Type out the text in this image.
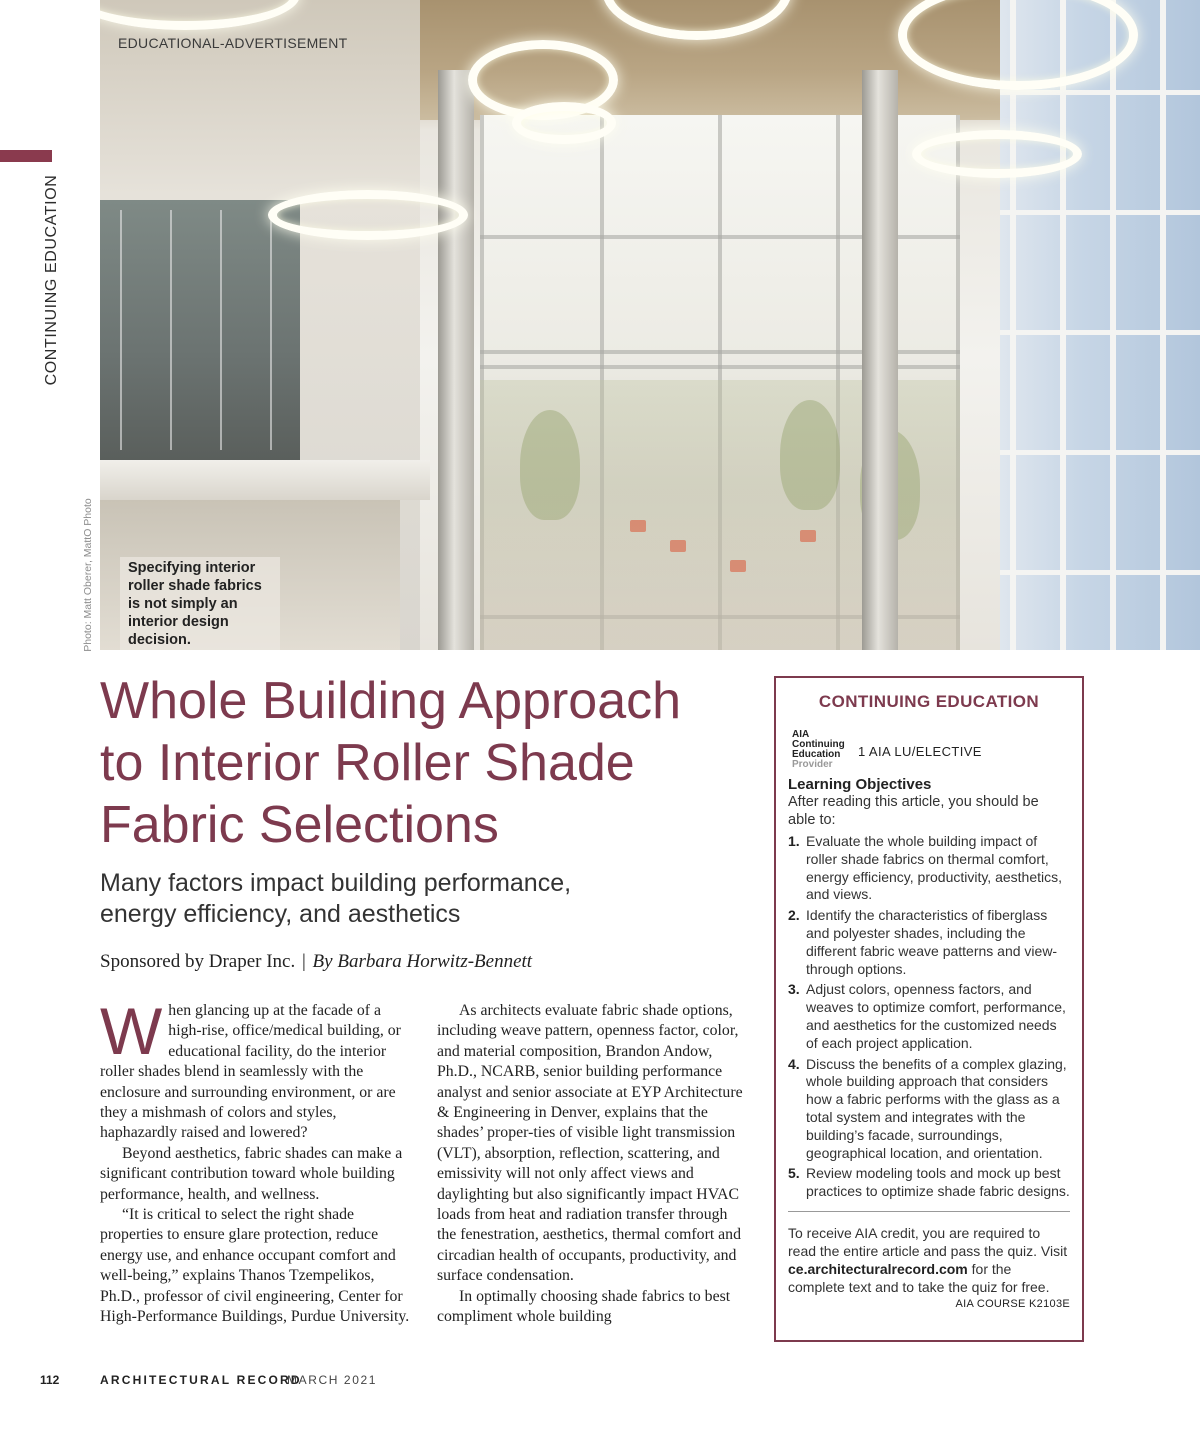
EDUCATIONAL-ADVERTISEMENT
Specifying interior roller shade fabrics is not simply an interior design decision.
CONTINUING EDUCATION
Photo: Matt Oberer, MattO Photo
Whole Building Approach
to Interior Roller Shade
Fabric Selections
Many factors impact building performance,
energy efficiency, and aesthetics
Sponsored by Draper Inc. | By Barbara Horwitz-Bennett

When glancing up at the facade of a high-rise, office/medical building, or educational facility, do the interior roller shades blend in seamlessly with the enclosure and surrounding environment, or are they a mishmash of colors and styles, haphazardly raised and lowered?

Beyond aesthetics, fabric shades can make a significant contribution toward whole building performance, health, and wellness.

“It is critical to select the right shade properties to ensure glare protection, reduce energy use, and enhance occupant comfort and well-being,” explains Thanos Tzempelikos, Ph.D., professor of civil engineering, Center for High-Performance Buildings, Purdue University.

As architects evaluate fabric shade options, including weave pattern, openness factor, color, and material composition, Brandon Andow, Ph.D., NCARB, senior building performance analyst and senior associate at EYP Architecture & Engineering in Denver, explains that the shades’ proper-ties of visible light transmission (VLT), absorption, reflection, scattering, and emissivity will not only affect views and daylighting but also significantly impact HVAC loads from heat and radiation transfer through the fenestration, aesthetics, thermal comfort and circadian health of occupants, productivity, and surface condensation.

In optimally choosing shade fabrics to best compliment whole building

CONTINUING EDUCATION
AIA
Continuing
Education
Provider
1 AIA LU/ELECTIVE
Learning Objectives
After reading this article, you should be able to:
1. Evaluate the whole building impact of roller shade fabrics on thermal comfort, energy efficiency, productivity, aesthetics, and views.
2. Identify the characteristics of fiberglass and polyester shades, including the different fabric weave patterns and view-through options.
3. Adjust colors, openness factors, and weaves to optimize comfort, performance, and aesthetics for the customized needs of each project application.
4. Discuss the benefits of a complex glazing, whole building approach that considers how a fabric performs with the glass as a total system and integrates with the building’s facade, surroundings, geographical location, and orientation.
5. Review modeling tools and mock up best practices to optimize shade fabric designs.
To receive AIA credit, you are required to read the entire article and pass the quiz. Visit ce.architecturalrecord.com for the complete text and to take the quiz for free.
AIA COURSE K2103E
112	ARCHITECTURAL RECORD
MARCH 2021
